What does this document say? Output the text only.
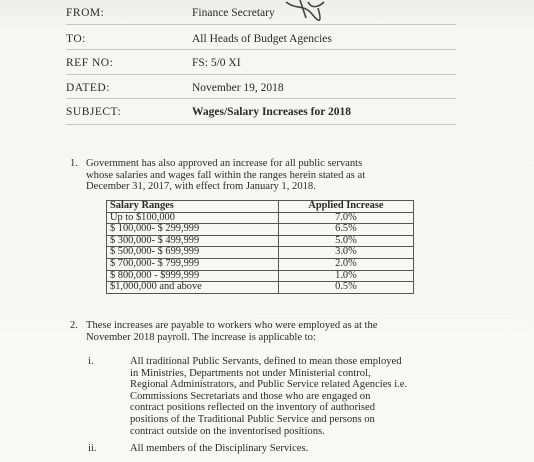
FROM:	Finance Secretary
TO:	All Heads of Budget Agencies
REF NO:	FS: 5/0 XI
DATED:	November 19, 2018
SUBJECT:	Wages/Salary Increases for 2018
1. Government has also approved an increase for all public servants
whose salaries and wages fall within the ranges herein stated as at
December 31, 2017, with effect from January 1, 2018.
Salary Ranges	Applied Increase
Up to $100,000	7.0%
$ 100,000- $ 299,999	6.5%
$ 300,000- $ 499,999	5.0%
$ 500,000- $ 699,999	3.0%
$ 700,000- $ 799,999	2.0%
$ 800,000 - $999,999	1.0%
$1,000,000 and above	0.5%
2. These increases are payable to workers who were employed as at the
November 2018 payroll. The increase is applicable to:
i.	All traditional Public Servants, defined to mean those employed
in Ministries, Departments not under Ministerial control,
Regional Administrators, and Public Service related Agencies i.e.
Commissions Secretariats and those who are engaged on
contract positions reflected on the inventory of authorised
positions of the Traditional Public Service and persons on
contract outside on the inventorised positions.
ii.	All members of the Disciplinary Services.
